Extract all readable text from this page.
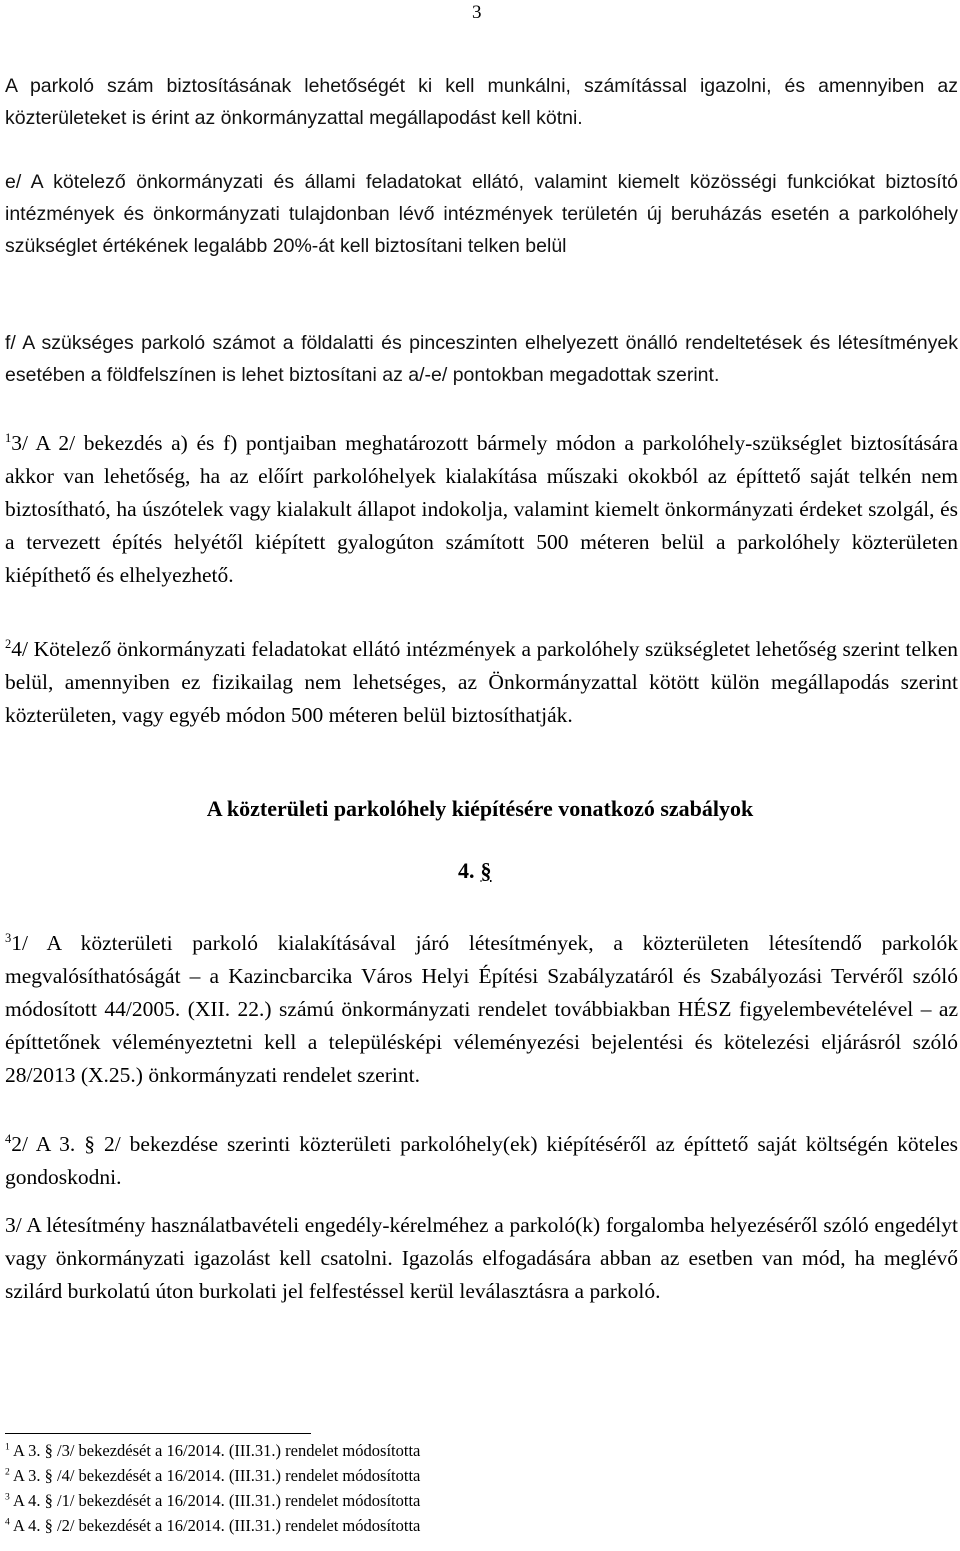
3

A parkoló szám biztosításának lehetőségét ki kell munkálni, számítással igazolni, és amennyiben az közterületeket is érint az önkormányzattal megállapodást kell kötni.

e/ A kötelező önkormányzati és állami feladatokat ellátó, valamint kiemelt közösségi funkciókat biztosító intézmények és önkormányzati tulajdonban lévő intézmények területén új beruházás esetén a parkolóhely szükséglet értékének legalább 20%-át kell biztosítani telken belül

f/ A szükséges parkoló számot a földalatti és pinceszinten elhelyezett önálló rendeltetések és létesítmények esetében a földfelszínen is lehet biztosítani az a/-e/ pontokban megadottak szerint.

$^1$3/ A 2/ bekezdés a) és f) pontjaiban meghatározott bármely módon a parkolóhely-szükséglet biztosítására akkor van lehetőség, ha az előírt parkolóhelyek kialakítása műszaki okokból az építtető saját telkén nem biztosítható, ha úszótelek vagy kialakult állapot indokolja, valamint kiemelt önkormányzati érdeket szolgál, és a tervezett építés helyétől kiépített gyalogúton számított 500 méteren belül a parkolóhely közterületen kiépíthető és elhelyezhető.

$^2$4/ Kötelező önkormányzati feladatokat ellátó intézmények a parkolóhely szükségletet lehetőség szerint telken belül, amennyiben ez fizikailag nem lehetséges, az Önkormányzattal kötött külön megállapodás szerint közterületen, vagy egyéb módon 500 méteren belül biztosíthatják.

A közterületi parkolóhely kiépítésére vonatkozó szabályok
4. §

$^3$1/ A közterületi parkoló kialakításával járó létesítmények, a közterületen létesítendő parkolók megvalósíthatóságát – a Kazincbarcika Város Helyi Építési Szabályzatáról és Szabályozási Tervéről szóló módosított 44/2005. (XII. 22.) számú önkormányzati rendelet továbbiakban HÉSZ figyelembevételével – az építtetőnek véleményeztetni kell a településképi véleményezési bejelentési és kötelezési eljárásról szóló 28/2013 (X.25.) önkormányzati rendelet szerint.

$^4$2/ A 3. § 2/ bekezdése szerinti közterületi parkolóhely(ek) kiépítéséről az építtető saját költségén köteles gondoskodni.

3/ A létesítmény használatbavételi engedély-kérelméhez a parkoló(k) forgalomba helyezéséről szóló engedélyt vagy önkormányzati igazolást kell csatolni. Igazolás elfogadására abban az esetben van mód, ha meglévő szilárd burkolatú úton burkolati jel felfestéssel kerül leválasztásra a parkoló.

$^1$ A 3. § /3/ bekezdését a 16/2014. (III.31.) rendelet módosította
$^2$ A 3. § /4/ bekezdését a 16/2014. (III.31.) rendelet módosította
$^3$ A 4. § /1/ bekezdését a 16/2014. (III.31.) rendelet módosította
$^4$ A 4. § /2/ bekezdését a 16/2014. (III.31.) rendelet módosította
